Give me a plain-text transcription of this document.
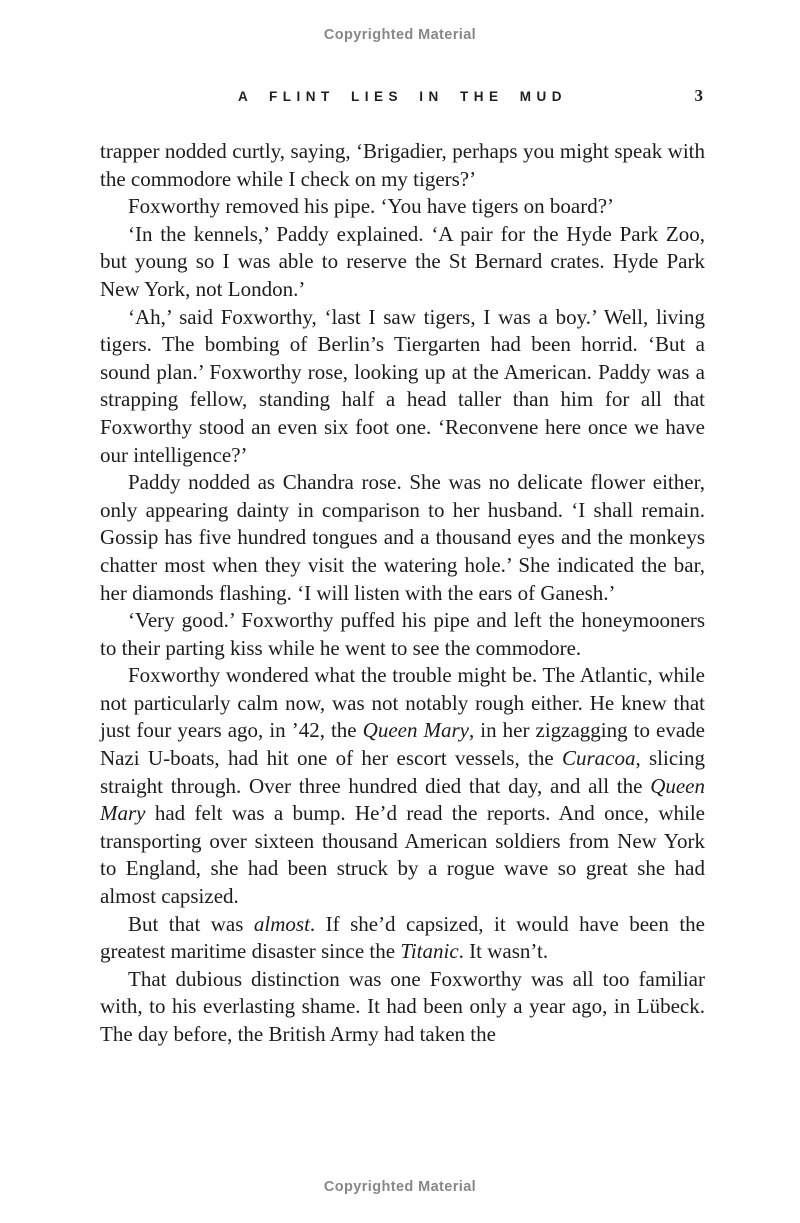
Copyrighted Material
A FLINT LIES IN THE MUD	3

trapper nodded curtly, saying, ‘Brigadier, perhaps you might speak with the commodore while I check on my tigers?’

Foxworthy removed his pipe. ‘You have tigers on board?’

‘In the kennels,’ Paddy explained. ‘A pair for the Hyde Park Zoo, but young so I was able to reserve the St Bernard crates. Hyde Park New York, not London.’

‘Ah,’ said Foxworthy, ‘last I saw tigers, I was a boy.’ Well, living tigers. The bombing of Berlin’s Tiergarten had been horrid. ‘But a sound plan.’ Foxworthy rose, looking up at the American. Paddy was a strapping fellow, standing half a head taller than him for all that Foxworthy stood an even six foot one. ‘Reconvene here once we have our intelligence?’

Paddy nodded as Chandra rose. She was no delicate flower either, only appearing dainty in comparison to her husband. ‘I shall remain. Gossip has five hundred tongues and a thousand eyes and the monkeys chatter most when they visit the watering hole.’ She indicated the bar, her diamonds flashing. ‘I will listen with the ears of Ganesh.’

‘Very good.’ Foxworthy puffed his pipe and left the honeymooners to their parting kiss while he went to see the commodore.

Foxworthy wondered what the trouble might be. The Atlantic, while not particularly calm now, was not notably rough either. He knew that just four years ago, in ’42, the Queen Mary, in her zigzagging to evade Nazi U-boats, had hit one of her escort vessels, the Curacoa, slicing straight through. Over three hundred died that day, and all the Queen Mary had felt was a bump. He’d read the reports. And once, while transporting over sixteen thousand American soldiers from New York to England, she had been struck by a rogue wave so great she had almost capsized.

But that was almost. If she’d capsized, it would have been the greatest maritime disaster since the Titanic. It wasn’t.

That dubious distinction was one Foxworthy was all too familiar with, to his everlasting shame. It had been only a year ago, in Lübeck. The day before, the British Army had taken the

Copyrighted Material
